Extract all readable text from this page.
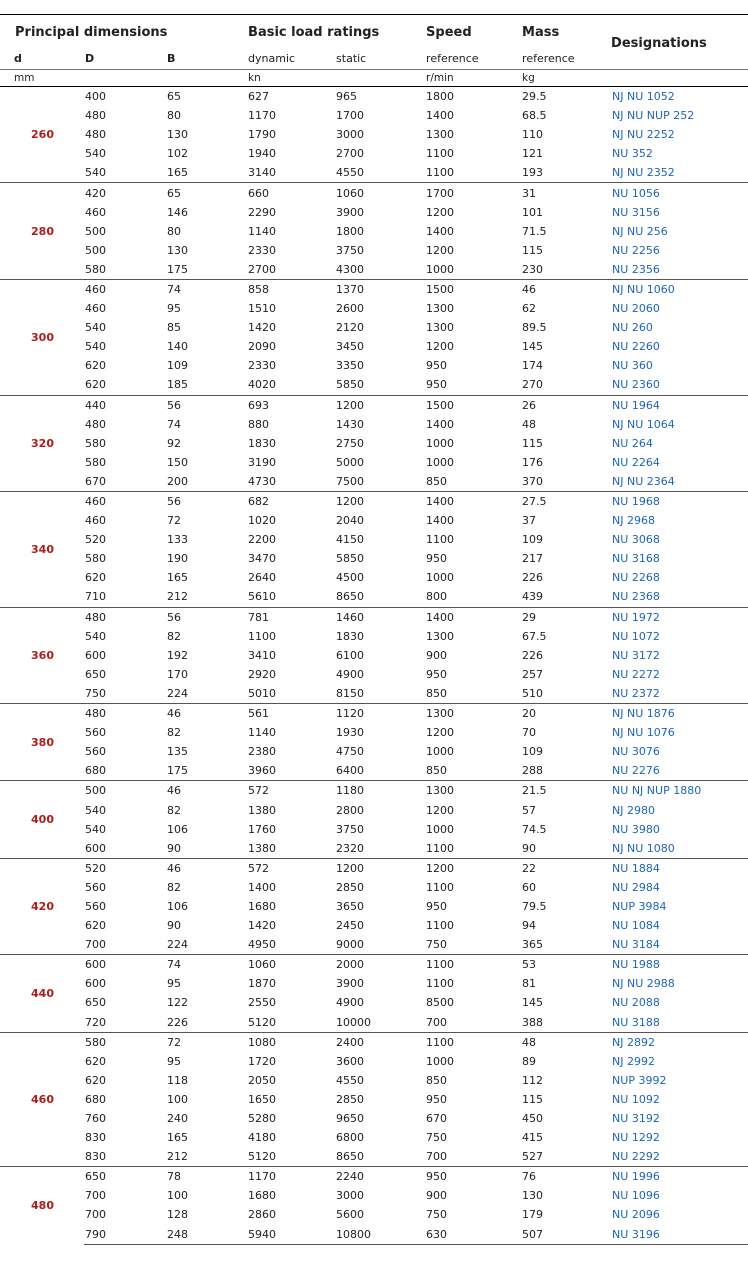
Principal dimensions			Basic load ratings		Speed	Mass	Designations
d	D	B	dynamic	static	reference	reference	
mm			kn		r/min	kg	
260	400	65	627	965	1800	29.5	NJ NU 1052
	480	80	1170	1700	1400	68.5	NJ NU NUP 252
	480	130	1790	3000	1300	110	NJ NU 2252
	540	102	1940	2700	1100	121	NU 352
	540	165	3140	4550	1100	193	NJ NU 2352
280	420	65	660	1060	1700	31	NU 1056
	460	146	2290	3900	1200	101	NU 3156
	500	80	1140	1800	1400	71.5	NJ NU 256
	500	130	2330	3750	1200	115	NU 2256
	580	175	2700	4300	1000	230	NU 2356
300	460	74	858	1370	1500	46	NJ NU 1060
	460	95	1510	2600	1300	62	NU 2060
	540	85	1420	2120	1300	89.5	NU 260
	540	140	2090	3450	1200	145	NU 2260
	620	109	2330	3350	950	174	NU 360
	620	185	4020	5850	950	270	NU 2360
320	440	56	693	1200	1500	26	NU 1964
	480	74	880	1430	1400	48	NJ NU 1064
	580	92	1830	2750	1000	115	NU 264
	580	150	3190	5000	1000	176	NU 2264
	670	200	4730	7500	850	370	NJ NU 2364
340	460	56	682	1200	1400	27.5	NU 1968
	460	72	1020	2040	1400	37	NJ 2968
	520	133	2200	4150	1100	109	NU 3068
	580	190	3470	5850	950	217	NU 3168
	620	165	2640	4500	1000	226	NU 2268
	710	212	5610	8650	800	439	NU 2368
360	480	56	781	1460	1400	29	NU 1972
	540	82	1100	1830	1300	67.5	NU 1072
	600	192	3410	6100	900	226	NU 3172
	650	170	2920	4900	950	257	NU 2272
	750	224	5010	8150	850	510	NU 2372
380	480	46	561	1120	1300	20	NJ NU 1876
	560	82	1140	1930	1200	70	NJ NU 1076
	560	135	2380	4750	1000	109	NU 3076
	680	175	3960	6400	850	288	NU 2276
400	500	46	572	1180	1300	21.5	NU NJ NUP 1880
	540	82	1380	2800	1200	57	NJ 2980
	540	106	1760	3750	1000	74.5	NU 3980
	600	90	1380	2320	1100	90	NJ NU 1080
420	520	46	572	1200	1200	22	NU 1884
	560	82	1400	2850	1100	60	NU 2984
	560	106	1680	3650	950	79.5	NUP 3984
	620	90	1420	2450	1100	94	NU 1084
	700	224	4950	9000	750	365	NU 3184
440	600	74	1060	2000	1100	53	NU 1988
	600	95	1870	3900	1100	81	NJ NU 2988
	650	122	2550	4900	8500	145	NU 2088
	720	226	5120	10000	700	388	NU 3188
460	580	72	1080	2400	1100	48	NJ 2892
	620	95	1720	3600	1000	89	NJ 2992
	620	118	2050	4550	850	112	NUP 3992
	680	100	1650	2850	950	115	NU 1092
	760	240	5280	9650	670	450	NU 3192
	830	165	4180	6800	750	415	NU 1292
	830	212	5120	8650	700	527	NU 2292
480	650	78	1170	2240	950	76	NU 1996
	700	100	1680	3000	900	130	NU 1096
	700	128	2860	5600	750	179	NU 2096
	790	248	5940	10800	630	507	NU 3196
